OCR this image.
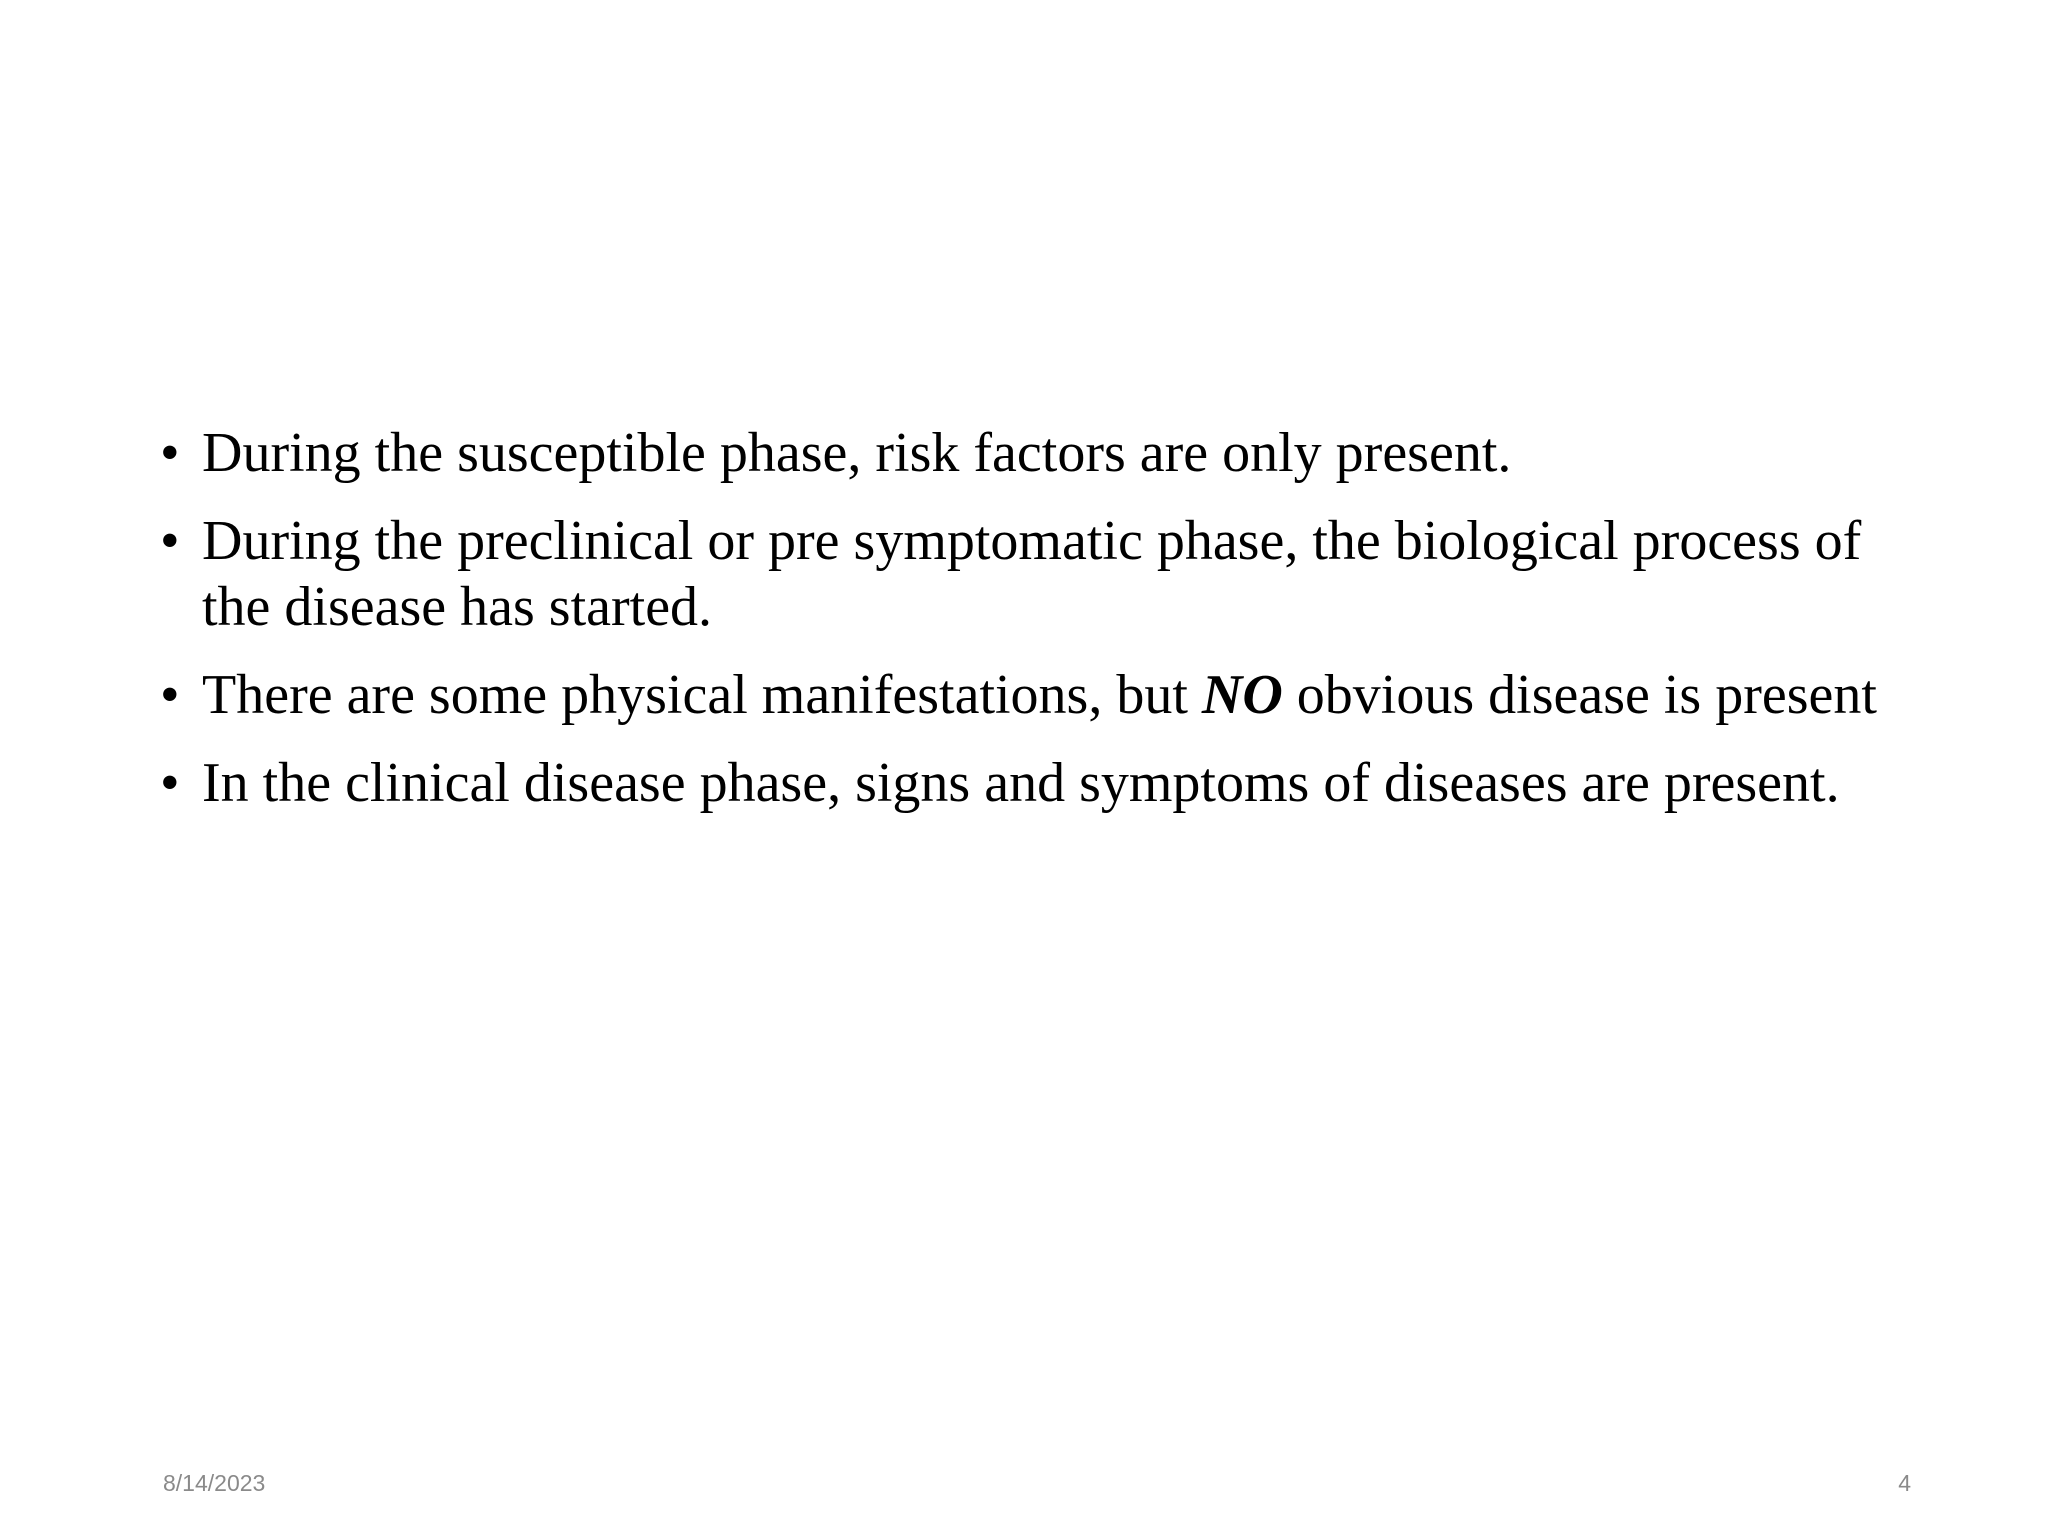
• During the susceptible phase, risk factors are only present.
• During the preclinical or pre symptomatic phase, the biological process of the disease has started.
• There are some physical manifestations, but NO obvious disease is present
• In the clinical disease phase, signs and symptoms of diseases are present.
8/14/2023	4
